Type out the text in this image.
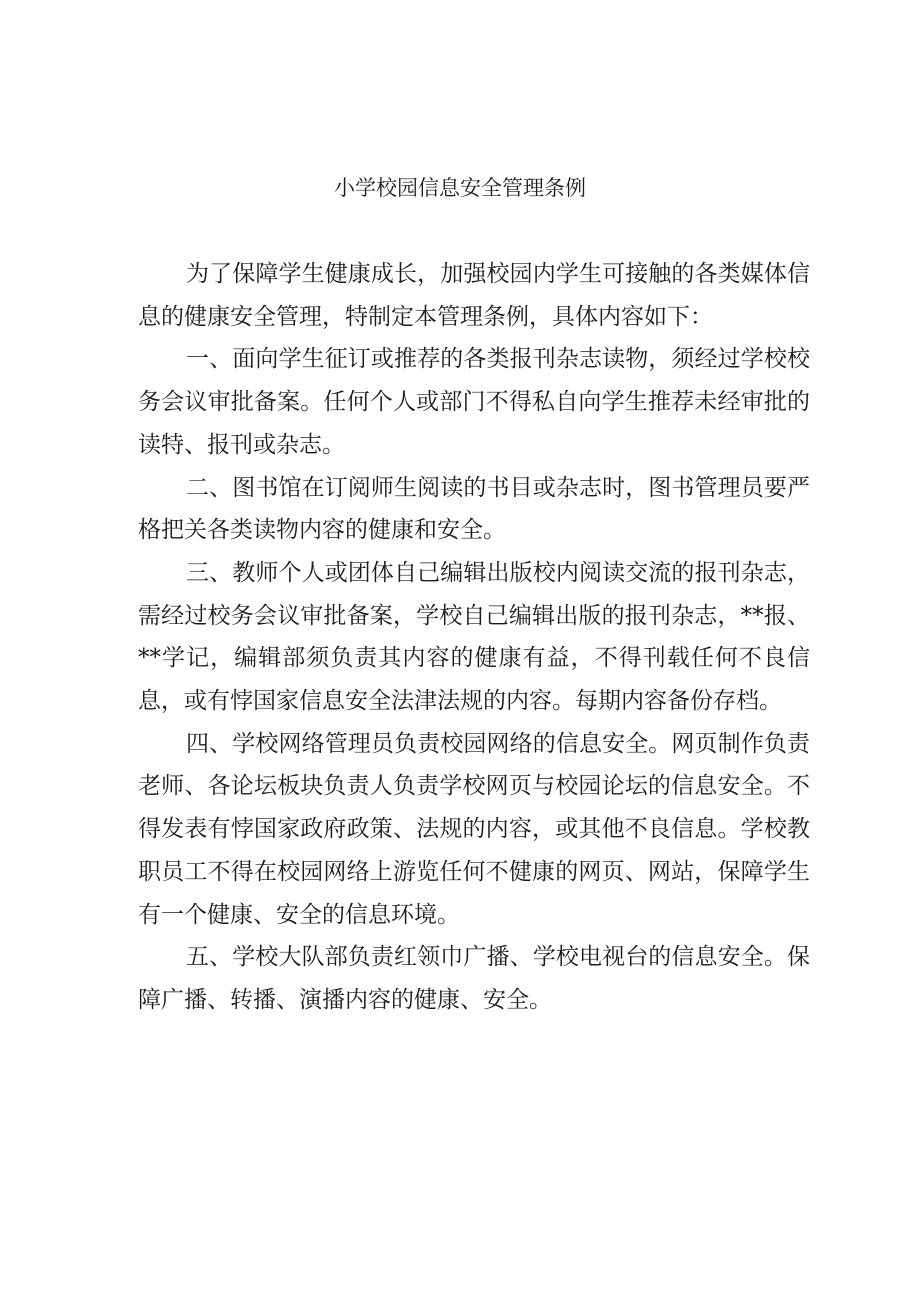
小学校园信息安全管理条例

为了保障学生健康成长，加强校园内学生可接触的各类媒体信息的健康安全管理，特制定本管理条例，具体内容如下：

一、面向学生征订或推荐的各类报刊杂志读物，须经过学校校务会议审批备案。任何个人或部门不得私自向学生推荐未经审批的读特、报刊或杂志。

二、图书馆在订阅师生阅读的书目或杂志时，图书管理员要严格把关各类读物内容的健康和安全。

三、教师个人或团体自己编辑出版校内阅读交流的报刊杂志，需经过校务会议审批备案，学校自己编辑出版的报刊杂志，**报、**学记，编辑部须负责其内容的健康有益，不得刊载任何不良信息，或有悖国家信息安全法津法规的内容。每期内容备份存档。

四、学校网络管理员负责校园网络的信息安全。网页制作负责老师、各论坛板块负责人负责学校网页与校园论坛的信息安全。不得发表有悖国家政府政策、法规的内容，或其他不良信息。学校教职员工不得在校园网络上游览任何不健康的网页、网站，保障学生有一个健康、安全的信息环境。

五、学校大队部负责红领巾广播、学校电视台的信息安全。保障广播、转播、演播内容的健康、安全。
